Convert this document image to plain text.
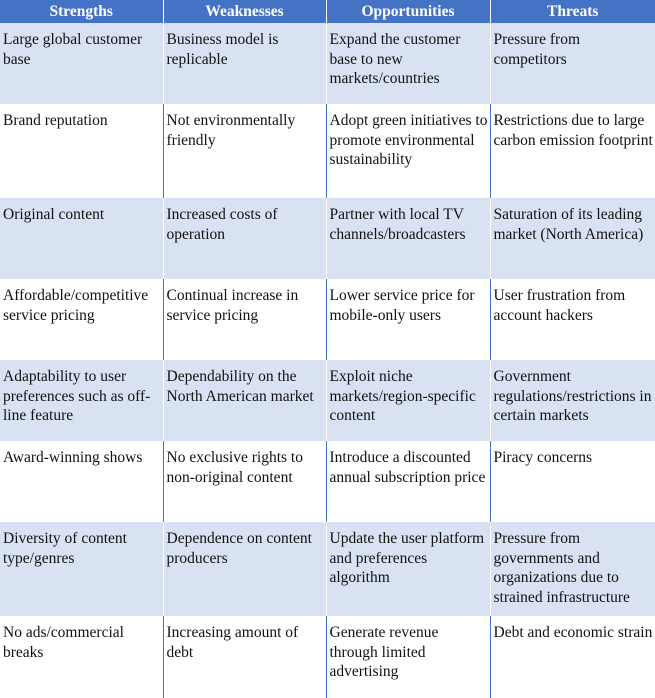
Strengths	Weaknesses	Opportunities	Threats
Large global customer base	Business model is replicable	Expand the customer base to new markets/countries	Pressure from competitors
Brand reputation	Not environmentally friendly	Adopt green initiatives to promote environmental sustainability	Restrictions due to large carbon emission footprint
Original content	Increased costs of operation	Partner with local TV channels/broadcasters	Saturation of its leading market (North America)
Affordable/competitive service pricing	Continual increase in service pricing	Lower service price for mobile-only users	User frustration from account hackers
Adaptability to user preferences such as off-line feature	Dependability on the North American market	Exploit niche markets/region-specific content	Government regulations/restrictions in certain markets
Award-winning shows	No exclusive rights to non-original content	Introduce a discounted annual subscription price	Piracy concerns
Diversity of content type/genres	Dependence on content producers	Update the user platform and preferences algorithm	Pressure from governments and organizations due to strained infrastructure
No ads/commercial breaks	Increasing amount of debt	Generate revenue through limited advertising	Debt and economic strain
